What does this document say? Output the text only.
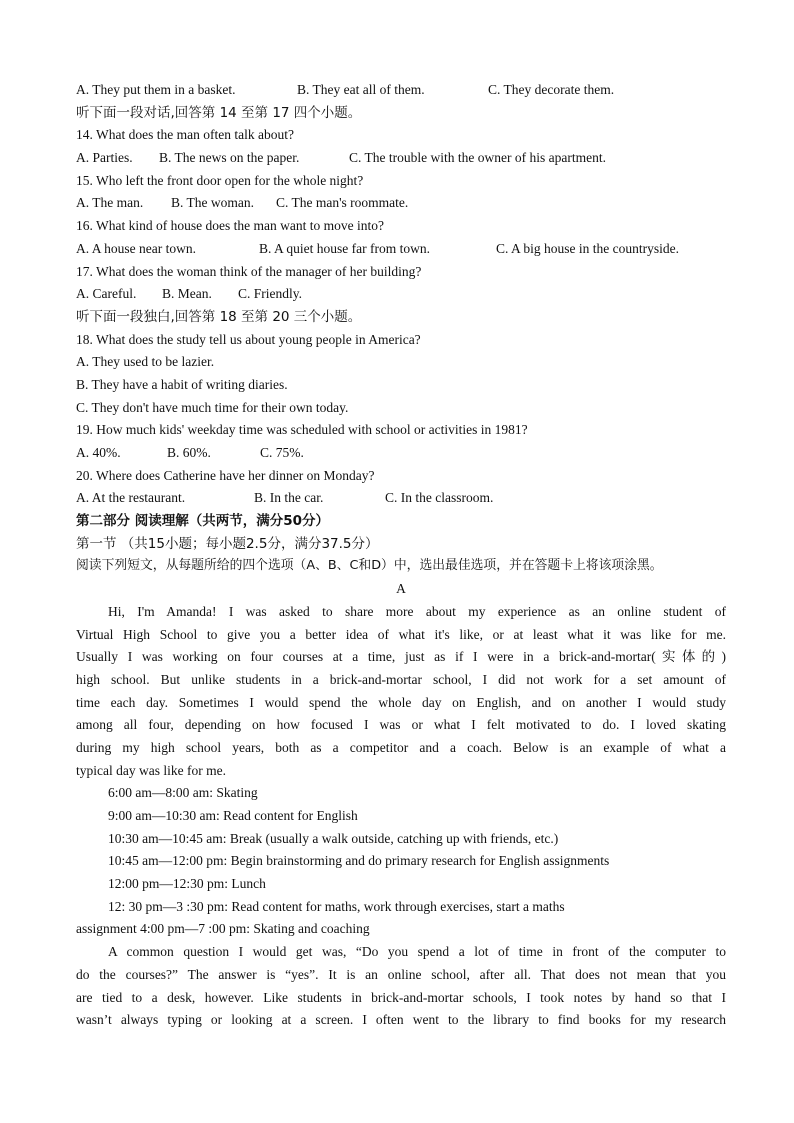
A. They put them in a basket.	B. They eat all of them.	C. They decorate them.
听下面一段对话,回答第 14 至第 17 四个小题。
14. What does the man often talk about?
A. Parties.	B. The news on the paper.	C. The trouble with the owner of his apartment.
15. Who left the front door open for the whole night?
A. The man.	B. The woman.	C. The man's roommate.
16. What kind of house does the man want to move into?
A. A house near town.	B. A quiet house far from town.	C. A big house in the countryside.
17. What does the woman think of the manager of her building?
A. Careful.	B. Mean.	C. Friendly.
听下面一段独白,回答第 18 至第 20 三个小题。
18. What does the study tell us about young people in America?
A. They used to be lazier.
B. They have a habit of writing diaries.
C. They don't have much time for their own today.
19. How much kids' weekday time was scheduled with school or activities in 1981?
A. 40%.	B. 60%.	C. 75%.
20. Where does Catherine have her dinner on Monday?
A. At the restaurant.	B. In the car.	C. In the classroom.
第二部分 阅读理解（共两节，满分50分）
第一节 （共15小题；每小题2.5分，满分37.5分）
阅读下列短文，从每题所给的四个选项（A、B、C和D）中，选出最佳选项，并在答题卡上将该项涂黑。
A
Hi, I'm Amanda! I was asked to share more about my experience as an online student of
Virtual High School to give you a better idea of what it's like, or at least what it was like for me.
Usually I was working on four courses at a time, just as if I were in a brick-and-mortar(实体的)
high school. But unlike students in a brick-and-mortar school, I did not work for a set amount of
time each day. Sometimes I would spend the whole day on English, and on another I would study
among all four, depending on how focused I was or what I felt motivated to do. I loved skating
during my high school years, both as a competitor and a coach. Below is an example of what a
typical day was like for me.
6:00 am—8:00 am: Skating
9:00 am—10:30 am: Read content for English
10:30 am—10:45 am: Break (usually a walk outside, catching up with friends, etc.)
10:45 am—12:00 pm: Begin brainstorming and do primary research for English assignments
12:00 pm—12:30 pm: Lunch
12: 30 pm—3 :30 pm: Read content for maths, work through exercises, start a maths
assignment 4:00 pm—7 :00 pm: Skating and coaching
A common question I would get was, “Do you spend a lot of time in front of the computer to
do the courses?” The answer is “yes”. It is an online school, after all. That does not mean that you
are tied to a desk, however. Like students in brick-and-mortar schools, I took notes by hand so that I
wasn’t always typing or looking at a screen. I often went to the library to find books for my research
